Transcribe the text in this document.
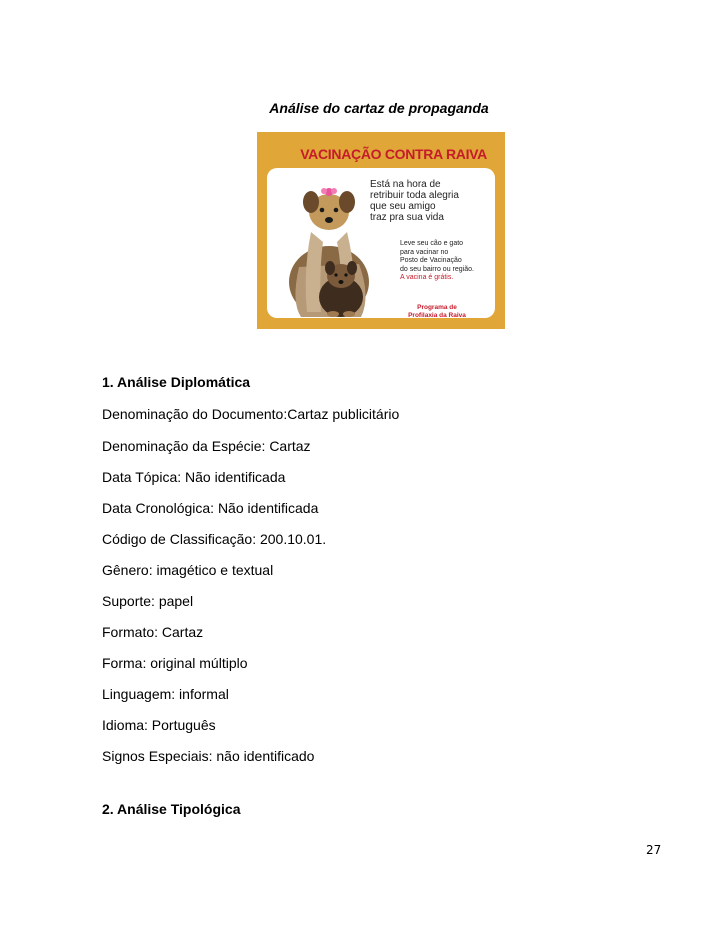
Análise do cartaz de propaganda
VACINAÇÃO CONTRA RAIVA
Está na hora de
retribuir toda alegria
que seu amigo
traz pra sua vida
Leve seu cão e gato
para vacinar no
Posto de Vacinação
do seu bairro ou região.
A vacina é grátis.
Programa de
Profilaxia da Raiva
1. Análise Diplomática
Denominação do Documento:Cartaz publicitário
Denominação da Espécie: Cartaz
Data Tópica: Não identificada
Data Cronológica: Não identificada
Código de Classificação: 200.10.01.
Gênero: imagético e textual
Suporte: papel
Formato: Cartaz
Forma: original múltiplo
Linguagem: informal
Idioma: Português
Signos Especiais: não identificado
2. Análise Tipológica
27
